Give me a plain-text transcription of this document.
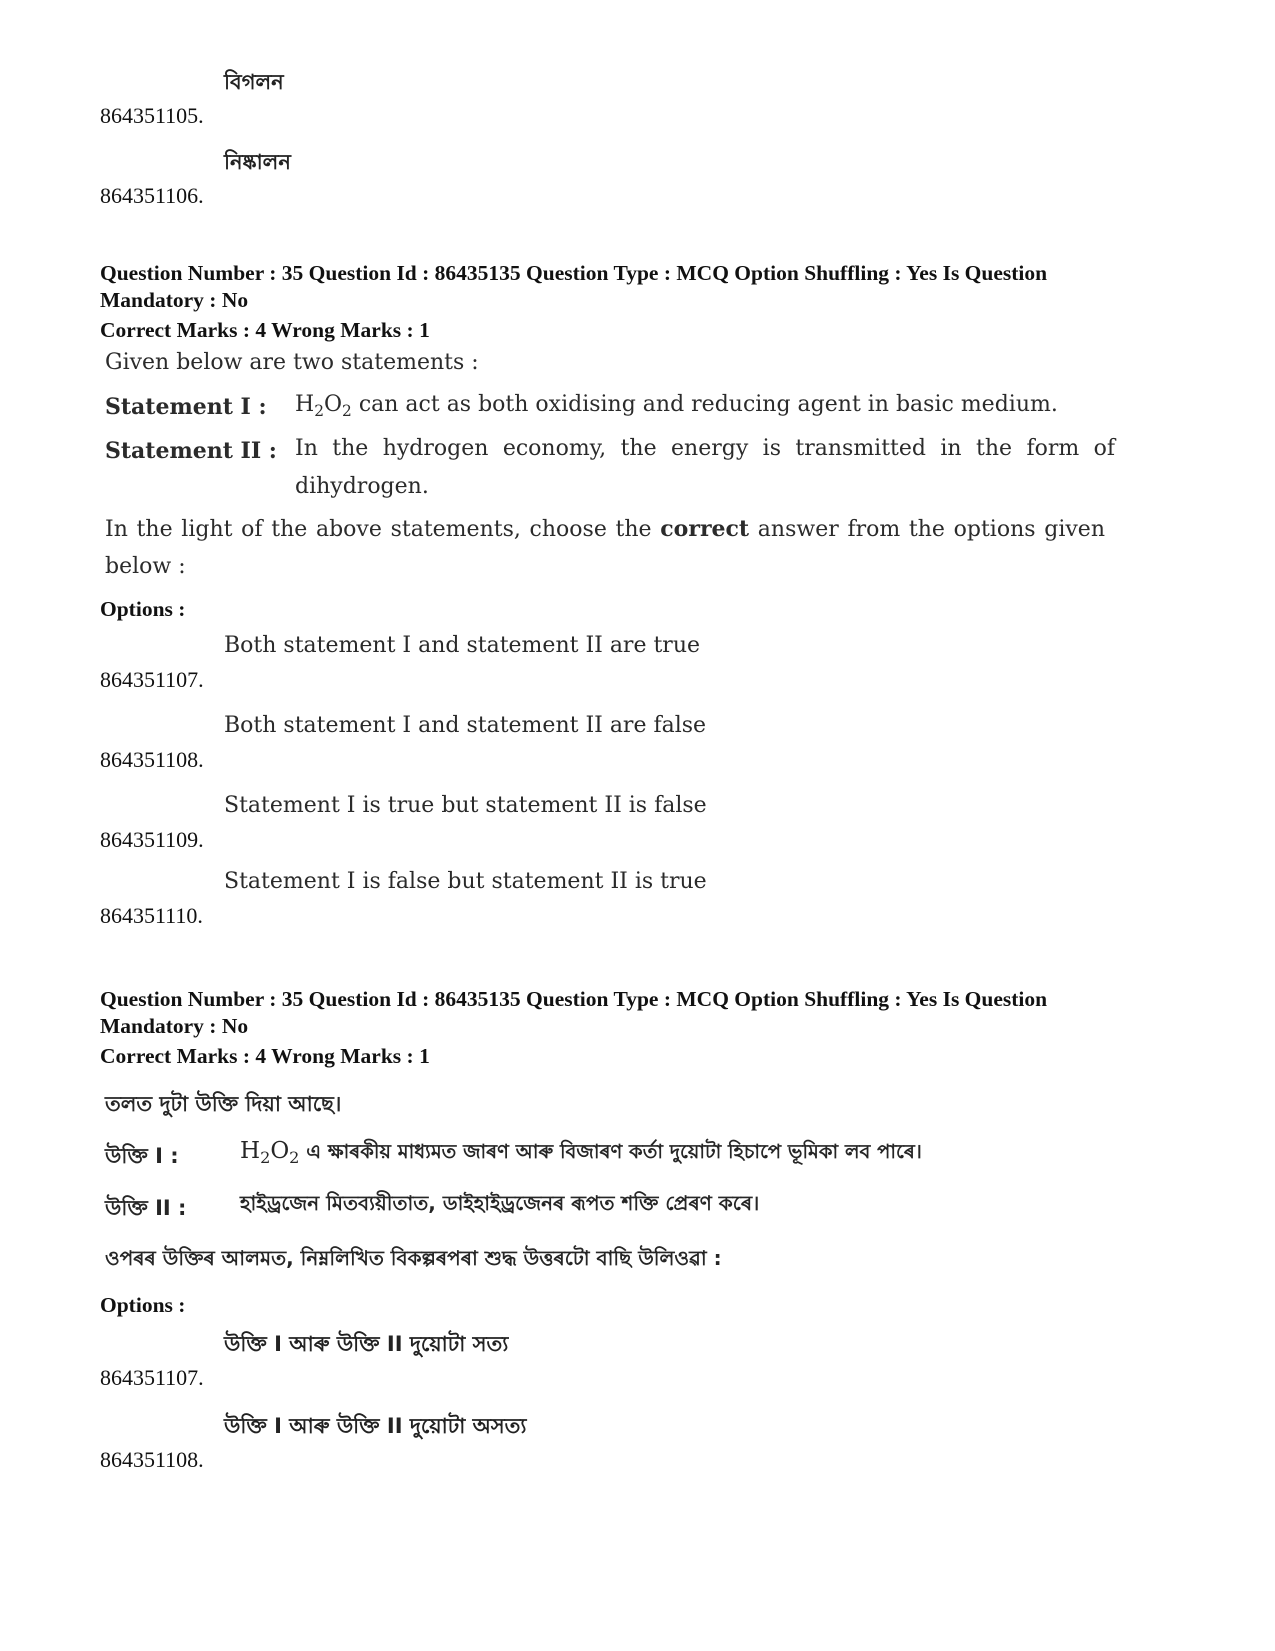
864351105.
বিগলন
864351106.
নিষ্কালন
Question Number : 35 Question Id : 86435135 Question Type : MCQ Option Shuffling : Yes Is Question
Mandatory : No
Correct Marks : 4 Wrong Marks : 1
Given below are two statements :
Statement I : $H_2O_2$ can act as both oxidising and reducing agent in basic medium.
Statement II : In the hydrogen economy, the energy is transmitted in the form of
dihydrogen.
In the light of the above statements, choose the correct answer from the options given
below :
Options :
864351107.
Both statement I and statement II are true
864351108.
Both statement I and statement II are false
864351109.
Statement I is true but statement II is false
864351110.
Statement I is false but statement II is true
Question Number : 35 Question Id : 86435135 Question Type : MCQ Option Shuffling : Yes Is Question
Mandatory : No
Correct Marks : 4 Wrong Marks : 1
তলত দুটা উক্তি দিয়া আছে।
উক্তি I :	$H_2O_2$ এ ক্ষাৰকীয় মাধ্যমত জাৰণ আৰু বিজাৰণ কৰ্তা দুয়োটা হিচাপে ভূমিকা লব পাৰে।
উক্তি II :	হাইড্ৰজেন মিতব্যয়ীতাত, ডাইহাইড্ৰজেনৰ ৰূপত শক্তি প্ৰেৰণ কৰে।
ওপৰৰ উক্তিৰ আলমত, নিম্নলিখিত বিকল্পৰপৰা শুদ্ধ উত্তৰটো বাছি উলিওৱা :
Options :
864351107.
উক্তি I আৰু উক্তি II দুয়োটা সত্য
864351108.
উক্তি I আৰু উক্তি II দুয়োটা অসত্য
